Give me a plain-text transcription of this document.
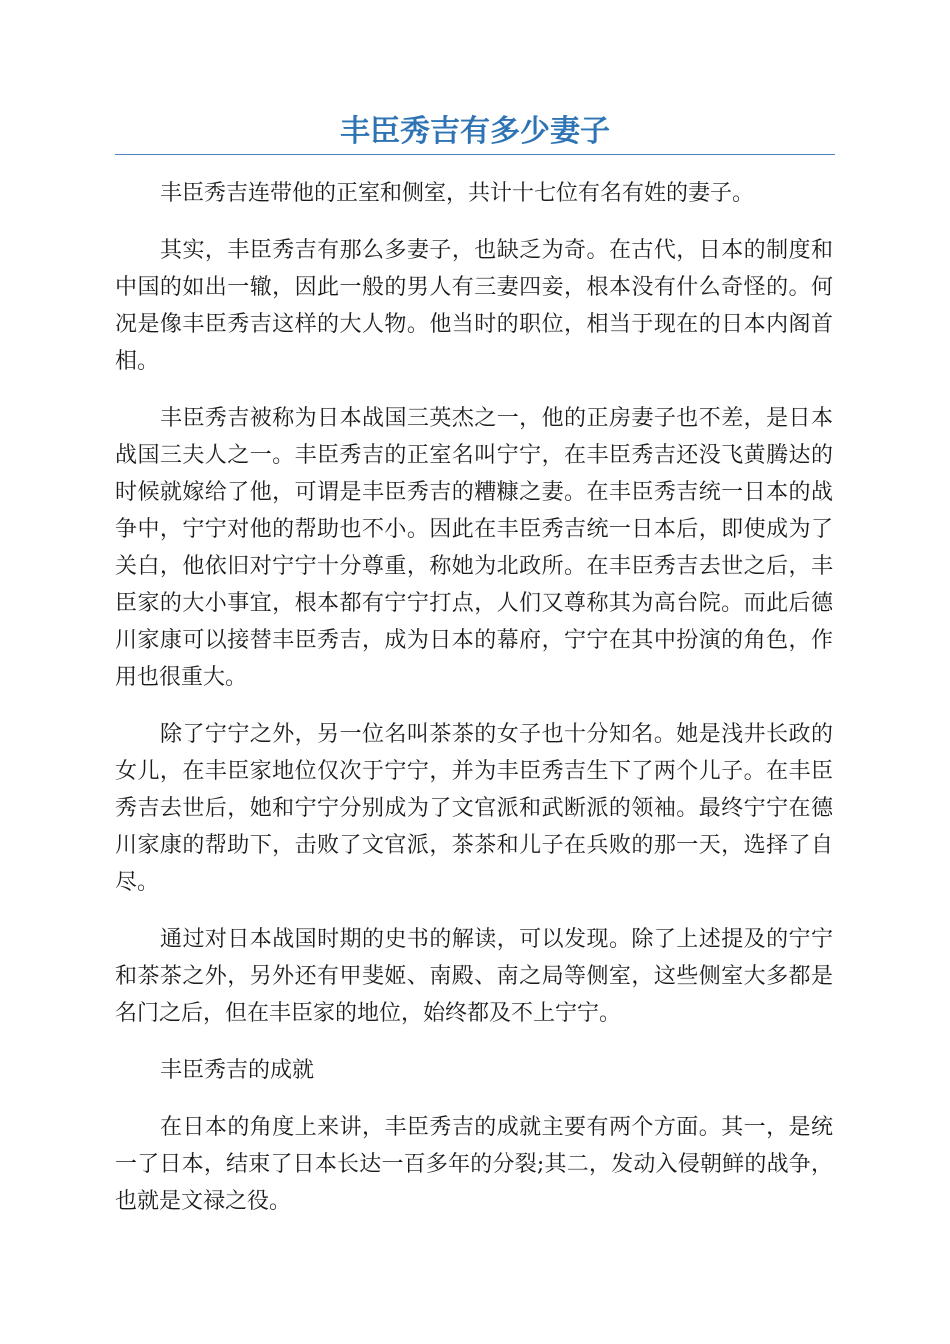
丰臣秀吉有多少妻子

丰臣秀吉连带他的正室和侧室，共计十七位有名有姓的妻子。

其实，丰臣秀吉有那么多妻子，也缺乏为奇。在古代，日本的制度和中国的如出一辙，因此一般的男人有三妻四妾，根本没有什么奇怪的。何况是像丰臣秀吉这样的大人物。他当时的职位，相当于现在的日本内阁首相。

丰臣秀吉被称为日本战国三英杰之一，他的正房妻子也不差，是日本战国三夫人之一。丰臣秀吉的正室名叫宁宁，在丰臣秀吉还没飞黄腾达的时候就嫁给了他，可谓是丰臣秀吉的糟糠之妻。在丰臣秀吉统一日本的战争中，宁宁对他的帮助也不小。因此在丰臣秀吉统一日本后，即使成为了关白，他依旧对宁宁十分尊重，称她为北政所。在丰臣秀吉去世之后，丰臣家的大小事宜，根本都有宁宁打点，人们又尊称其为高台院。而此后德川家康可以接替丰臣秀吉，成为日本的幕府，宁宁在其中扮演的角色，作用也很重大。

除了宁宁之外，另一位名叫茶茶的女子也十分知名。她是浅井长政的女儿，在丰臣家地位仅次于宁宁，并为丰臣秀吉生下了两个儿子。在丰臣秀吉去世后，她和宁宁分别成为了文官派和武断派的领袖。最终宁宁在德川家康的帮助下，击败了文官派，茶茶和儿子在兵败的那一天，选择了自尽。

通过对日本战国时期的史书的解读，可以发现。除了上述提及的宁宁和茶茶之外，另外还有甲斐姬、南殿、南之局等侧室，这些侧室大多都是名门之后，但在丰臣家的地位，始终都及不上宁宁。

丰臣秀吉的成就

在日本的角度上来讲，丰臣秀吉的成就主要有两个方面。其一，是统一了日本，结束了日本长达一百多年的分裂;其二，发动入侵朝鲜的战争，也就是文禄之役。
